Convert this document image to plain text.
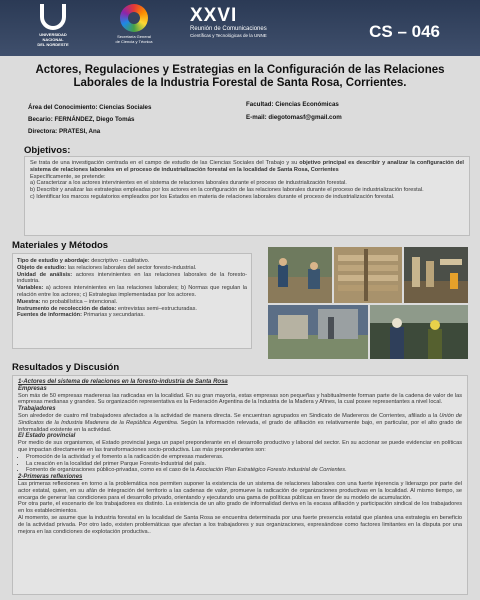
UNIVERSIDAD
NACIONAL
DEL NORDESTE
Secretaría General
de Ciencia y Técnica
XXVI
Reunión de Comunicaciones
Científicas y Tecnológicas de la UNNE	CS – 046
Actores, Regulaciones y Estrategias en la Configuración de las Relaciones Laborales de la Industria Forestal de Santa Rosa, Corrientes.
Área del Conocimiento: Ciencias Sociales
Becario: FERNÁNDEZ, Diego Tomás
Directora: PRATESI, Ana
Facultad: Ciencias Económicas
E-mail: diegotomasf@gmail.com
Objetivos:

Se trata de una investigación centrada en el campo de estudio de las Ciencias Sociales del Trabajo y su objetivo principal es describir y analizar la configuración del sistema de relaciones laborales en el proceso de industrialización forestal en la localidad de Santa Rosa, Corrientes

Específicamente, se pretende:

a) Caracterizar a los actores intervinientes en el sistema de relaciones laborales durante el proceso de industrialización forestal.

b) Describir y analizar las estrategias empleadas por los actores en la configuración de las relaciones laborales durante el proceso de industrialización forestal.

c) Identificar los marcos regulatorios empleados por los Estados en materia de relaciones laborales durante el proceso de industrialización forestal.

Materiales y Métodos

Tipo de estudio y abordaje: descriptivo - cualitativo.

Objeto de estudio: las relaciones laborales del sector foresto-industrial.

Unidad de análisis: actores intervinientes en las relaciones laborales de la foresto-industria.

Variables: a) actores intervinientes en las relaciones laborales; b) Normas que regulan la relación entre los actores; c) Estrategias implementadas por los actores.

Muestra: no probabilística – intencional.

Instrumento de recolección de datos: entrevistas semi–estructuradas.

Fuentes de información: Primarias y secundarias.

Resultados y Discusión

1-Actores del sistema de relaciones en la foresto-industria de Santa Rosa

Empresas

Son más de 50 empresas madereras las radicadas en la localidad. En su gran mayoría, estas empresas son pequeñas y habitualmente forman parte de la cadena de valor de las empresas medianas y grandes. Su organización representativa es la Federación Argentina de la Industria de la Madera y Afines, la cual posee representantes a nivel local.

Trabajadores

Son alrededor de cuatro mil trabajadores afectados a la actividad de manera directa. Se encuentran agrupados en Sindicato de Madereros de Corrientes, afiliado a la Unión de Sindicatos de la Industria Maderera de la República Argentina. Según la información relevada, el grado de afiliación es relativamente bajo, en particular, por el alto grado de informalidad existente en la actividad.

El Estado provincial

Por medio de sus organismos, el Estado provincial juega un papel preponderante en el desarrollo productivo y laboral del sector. En su accionar se puede evidenciar en políticas que impactan directamente en las transformaciones socio-productiva. Las más preponderantes son:

• Promoción de la actividad y el fomento a la radicación de empresas madereras.
• La creación en la localidad del primer Parque Foresto-Industrial del país.
• Fomento de organizaciones público-privadas, como es el caso de la Asociación Plan Estratégico Foresto industrial de Corrientes.

2-Primeras reflexiones

Las primeras reflexiones en torno a la problemática nos permiten suponer la existencia de un sistema de relaciones laborales con una fuerte injerencia y liderazgo por parte del actor estatal, quien, en su afán de integración del territorio a las cadenas de valor, promueve la radicación de organizaciones productivas en la localidad. Al mismo tiempo, se encarga de generar las condiciones para el desarrollo privado, orientando y ejecutando una gama de políticas públicas en favor de su modelo de acumulación.

Por otra parte, el escenario de los trabajadores es distinto. La existencia de un alto grado de informalidad deriva en la escasa afiliación y participación sindical de los trabajadores en los establecimientos.

Al momento, se asume que la industria forestal en la localidad de Santa Rosa se encuentra determinada por una fuerte presencia estatal que plantea una estrategia en beneficio de la actividad privada. Por otro lado, existen problemáticas que afectan a los trabajadores y sus organizaciones, expresándose como factores limitantes en la disputa por una mejora en las condiciones de explotación productiva..
